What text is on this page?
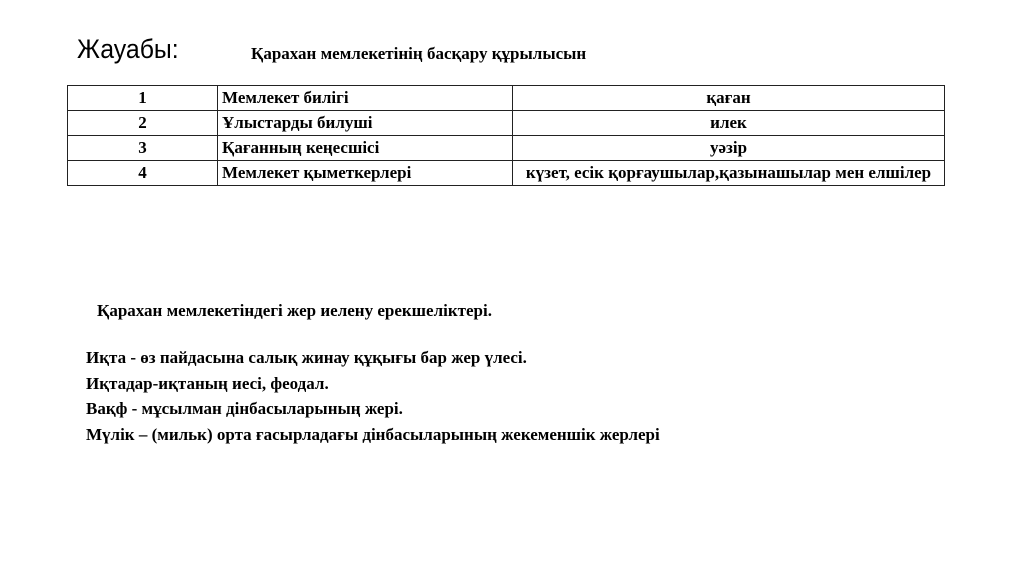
Жауабы:	Қарахан мемлекетінің басқару құрылысын
1	Мемлекет билігі	қаған
2	Ұлыстарды билуші	илек
3	Қағанның кеңесшісі	уәзір
4	Мемлекет қыметкерлері	күзет, есік қорғаушылар,қазынашылар мен елшілер
Қарахан мемлекетіндегі жер иелену ерекшеліктері.
Иқта - өз пайдасына салық жинау құқығы бар жер үлесі.
Иқтадар-иқтаның иесі, феодал.
Вақф - мұсылман дінбасыларының жері.
Мүлік – (мильк) орта ғасырладағы дінбасыларының жекеменшік жерлері
